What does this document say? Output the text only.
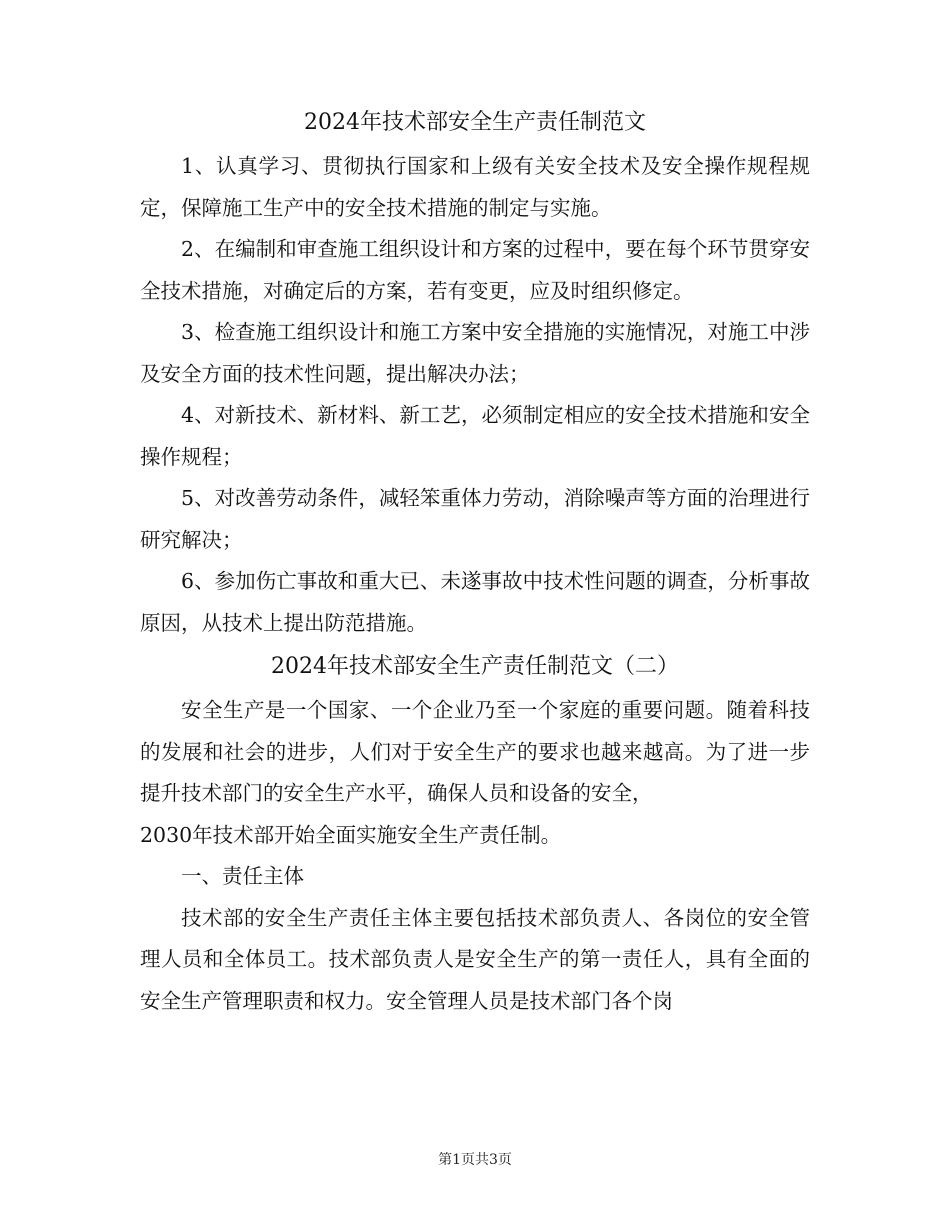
2024年技术部安全生产责任制范文

1、认真学习、贯彻执行国家和上级有关安全技术及安全操作规程规定，保障施工生产中的安全技术措施的制定与实施。

2、在编制和审查施工组织设计和方案的过程中，要在每个环节贯穿安全技术措施，对确定后的方案，若有变更，应及时组织修定。

3、检查施工组织设计和施工方案中安全措施的实施情况，对施工中涉及安全方面的技术性问题，提出解决办法；

4、对新技术、新材料、新工艺，必须制定相应的安全技术措施和安全操作规程；

5、对改善劳动条件，减轻笨重体力劳动，消除噪声等方面的治理进行研究解决；

6、参加伤亡事故和重大已、未遂事故中技术性问题的调查，分析事故原因，从技术上提出防范措施。

2024年技术部安全生产责任制范文（二）

安全生产是一个国家、一个企业乃至一个家庭的重要问题。随着科技的发展和社会的进步，人们对于安全生产的要求也越来越高。为了进一步提升技术部门的安全生产水平，确保人员和设备的安全，

2030年技术部开始全面实施安全生产责任制。

一、责任主体

技术部的安全生产责任主体主要包括技术部负责人、各岗位的安全管理人员和全体员工。技术部负责人是安全生产的第一责任人，具有全面的安全生产管理职责和权力。安全管理人员是技术部门各个岗

第1页共3页
